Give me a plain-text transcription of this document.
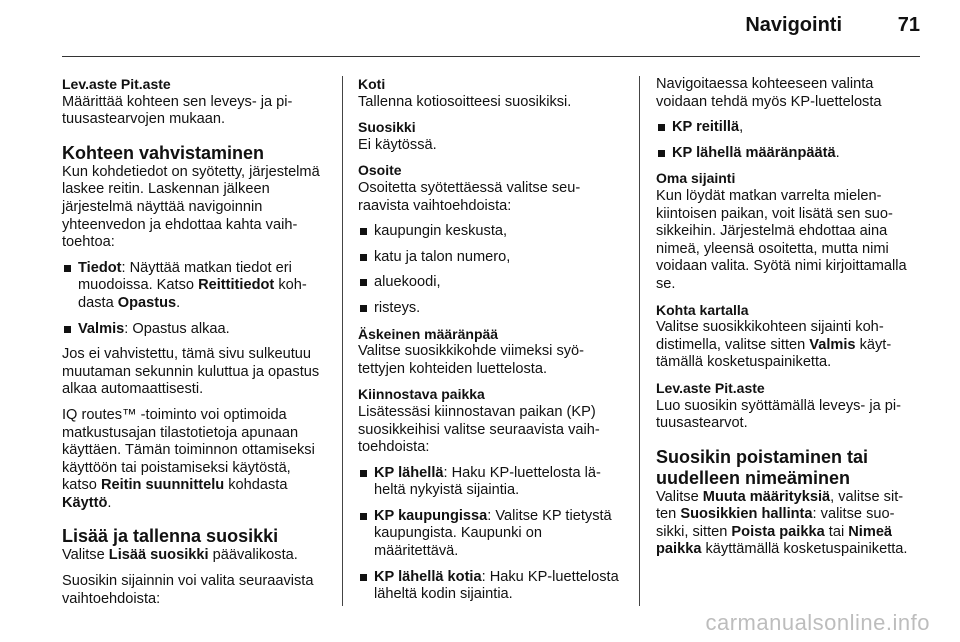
Navigointi	71
Lev.aste Pit.aste
Määrittää kohteen sen leveys- ja pituusastearvojen mukaan.
Kohteen vahvistaminen
Kun kohdetiedot on syötetty, järjestelmä laskee reitin. Laskennan jälkeen järjestelmä näyttää navigoinnin yhteenvedon ja ehdottaa kahta vaihtoehtoa:
Tiedot: Näyttää matkan tiedot eri muodoissa. Katso Reittitiedot kohdasta Opastus.
Valmis: Opastus alkaa.
Jos ei vahvistettu, tämä sivu sulkeutuu muutaman sekunnin kuluttua ja opastus alkaa automaattisesti.
IQ routes™ -toiminto voi optimoida matkustusajan tilastotietoja apunaan käyttäen. Tämän toiminnon ottamiseksi käyttöön tai poistamiseksi käytöstä, katso Reitin suunnittelu kohdasta Käyttö.
Lisää ja tallenna suosikki
Valitse Lisää suosikki päävalikosta.
Suosikin sijainnin voi valita seuraavista vaihtoehdoista:
Koti
Tallenna kotiosoitteesi suosikiksi.
Suosikki
Ei käytössä.
Osoite
Osoitetta syötettäessä valitse seuraavista vaihtoehdoista:
kaupungin keskusta,
katu ja talon numero,
aluekoodi,
risteys.
Äskeinen määränpää
Valitse suosikkikohde viimeksi syötettyjen kohteiden luettelosta.
Kiinnostava paikka
Lisätessäsi kiinnostavan paikan (KP) suosikkeihisi valitse seuraavista vaihtoehdoista:
KP lähellä: Haku KP-luettelosta läheltä nykyistä sijaintia.
KP kaupungissa: Valitse KP tietystä kaupungista. Kaupunki on määritettävä.
KP lähellä kotia: Haku KP-luettelosta läheltä kodin sijaintia.
Navigoitaessa kohteeseen valinta voidaan tehdä myös KP-luettelosta
KP reitillä,
KP lähellä määränpäätä.
Oma sijainti
Kun löydät matkan varrelta mielenkiintoisen paikan, voit lisätä sen suosikkeihin. Järjestelmä ehdottaa aina nimeä, yleensä osoitetta, mutta nimi voidaan valita. Syötä nimi kirjoittamalla se.
Kohta kartalla
Valitse suosikkikohteen sijainti kohdistimella, valitse sitten Valmis käyttämällä kosketuspainiketta.
Lev.aste Pit.aste
Luo suosikin syöttämällä leveys- ja pituusastearvot.
Suosikin poistaminen tai uudelleen nimeäminen
Valitse Muuta määrityksiä, valitse sitten Suosikkien hallinta: valitse suosikki, sitten Poista paikka tai Nimeä paikka käyttämällä kosketuspainiketta.
carmanualsonline.info
